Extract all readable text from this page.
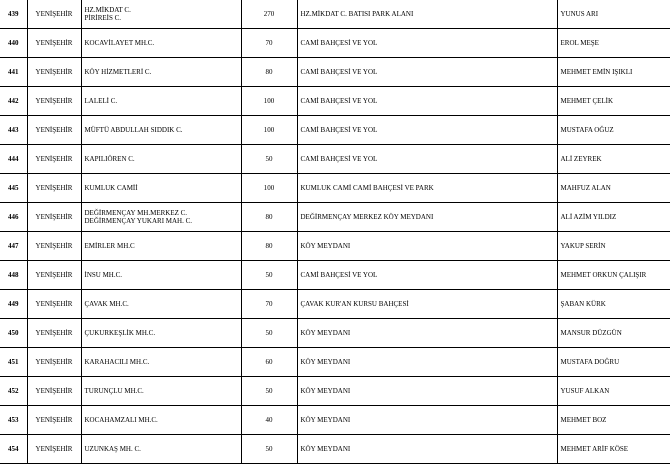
439	YENİŞEHİR	HZ.MİKDAT C.
PİRİREİS C.	270	HZ.MİKDAT C. BATISI PARK ALANI	YUNUS ARI
440	YENİŞEHİR	KOCAVİLAYET MH.C.	70	CAMİ BAHÇESİ VE YOL	EROL MEŞE
441	YENİŞEHİR	KÖY HİZMETLERİ C.	80	CAMİ BAHÇESİ VE YOL	MEHMET EMİN IŞIKLI
442	YENİŞEHİR	LALELİ C.	100	CAMİ BAHÇESİ VE YOL	MEHMET ÇELİK
443	YENİŞEHİR	MÜFTÜ ABDULLAH SIDDIK C.	100	CAMİ BAHÇESİ VE YOL	MUSTAFA OĞUZ
444	YENİŞEHİR	KAPILIÖREN C.	50	CAMİ BAHÇESİ VE YOL	ALİ ZEYREK
445	YENİŞEHİR	KUMLUK CAMİİ	100	KUMLUK CAMİ CAMİ BAHÇESİ VE PARK	MAHFUZ ALAN
446	YENİŞEHİR	DEĞİRMENÇAY MH.MERKEZ C.
DEĞİRMENÇAY YUKARI MAH. C.	80	DEĞİRMENÇAY MERKEZ KÖY MEYDANI	ALİ AZİM YILDIZ
447	YENİŞEHİR	EMİRLER MH.C	80	KÖY MEYDANI	YAKUP SERİN
448	YENİŞEHİR	İNSU MH.C.	50	CAMİ BAHÇESİ VE YOL	MEHMET ORKUN ÇALIŞIR
449	YENİŞEHİR	ÇAVAK MH.C.	70	ÇAVAK KUR'AN KURSU BAHÇESİ	ŞABAN KÜRK
450	YENİŞEHİR	ÇUKURKEŞLİK MH.C.	50	KÖY MEYDANI	MANSUR DÜZGÜN
451	YENİŞEHİR	KARAHACILI MH.C.	60	KÖY MEYDANI	MUSTAFA DOĞRU
452	YENİŞEHİR	TURUNÇLU MH.C.	50	KÖY MEYDANI	YUSUF ALKAN
453	YENİŞEHİR	KOCAHAMZALI MH.C.	40	KÖY MEYDANI	MEHMET BOZ
454	YENİŞEHİR	UZUNKAŞ MH. C.	50	KÖY MEYDANI	MEHMET ARİF KÖSE
